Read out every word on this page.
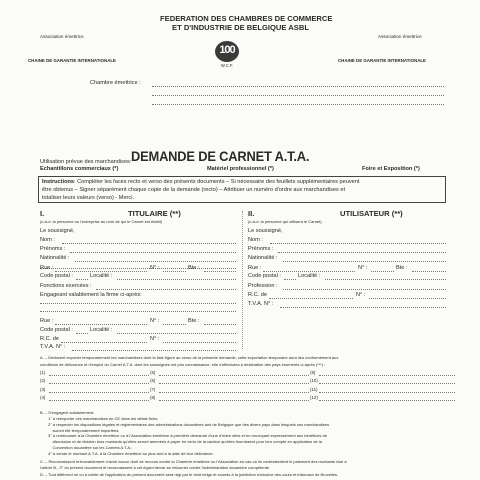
FEDERATION DES CHAMBRES DE COMMERCE
ET D'INDUSTRIE DE BELGIQUE ASBL
Association émettrice	Association émettrice
CHAINE DE GARANTIE INTERNATIONALE	CHAINE DE GARANTIE INTERNATIONALE
100
W.C.F.
Chambre émettrice :
DEMANDE DE CARNET A.T.A.
Utilisation prévue des marchandises:
Echantillons commerciaux (*)	Matériel professionnel (*)	Foire et Exposition (*)
Instructions: Compléter les faces recto et verso des présents documents – Si nécessaire des feuillets supplémentaires peuvent
être obtenus – Signer séparément chaque copie de la demande (recto) – Attribuer un numéro d'ordre aux marchandises et
totaliser leurs valeurs (verso) - Merci.
I.	TITULAIRE (**)
(c-à-d. la personne ou l'entreprise au nom de qui le Carnet est établi)
Le soussigné,
Nom :
Prénoms :
Nationalité :
Rue :	N° :	Bte :
Code postal :	Localité :
Fonctions exercées :
Engageant valablement la firme ci-après:
Rue :	N° :	Bte :
Code postal :	Localité :
R.C. de	N° :
T.V.A. N° :
II.	UTILISATEUR (**)
(c-à-d. la personne qui utilisera le Carnet)
Le soussigné,
Nom :
Prénoms :
Nationalité :
Rue :	N° :	Bte :
Code postal :	Localité :
Profession :
R.C. de	N° :
T.V.A. N° :
A. – Déclarent exporter temporairement les marchandises dont la liste figure au verso de la présente demande, cette exportation temporaire aura lieu conformément aux
conditions de délivrance et d'emploi du Carnet A.T.A. dont les soussignés ont pris connaissance, elle s'effectuera à destination des pays énumérés ci-après (***) :
(1)
(2)
(3)
(4)
(5)
(6)
(7)
(8)
(9)
(10)
(11)
(12)
B. – S'engagent solidairement:
1° à réexporter ces marchandises en CE dans les délais fixés;
2° à respecter les dispositions légales et réglementaires des administrations douanières tant de Belgique que des divers pays dans lesquels ces marchandises
auront été temporairement importées;
3° à rembourser à la Chambre émettrice ou à l'Association émettrice à première demande d'une d'entre elles et en renonçant expressément aux bénéfices de
discussion et de division tous montants qu'elles seront amenées à payer en vertu de la caution qu'elles fournissent pour leur compte en application de la
Convention douanière sur les Carnets A.T.A.;
4° à verser le montant A.T.A. à la Chambre émettrice au plus tard à la date de leur délivrance.
C. – Reconnaissent irrévocablement n'avoir aucun droit de recours contre la Chambre émettrice ou l'Association en cas où ils contesteraient le paiement des montants visé à
l'article B., 3° du présent document et reconnaissent à cet égard devoir se retourner contre l'administration douanière compétente.
D. – Tout différend né ou à naître de l'application du présent document sera régi par le droit belge et soumis à la juridiction exclusive des cours et tribunaux de Bruxelles.
